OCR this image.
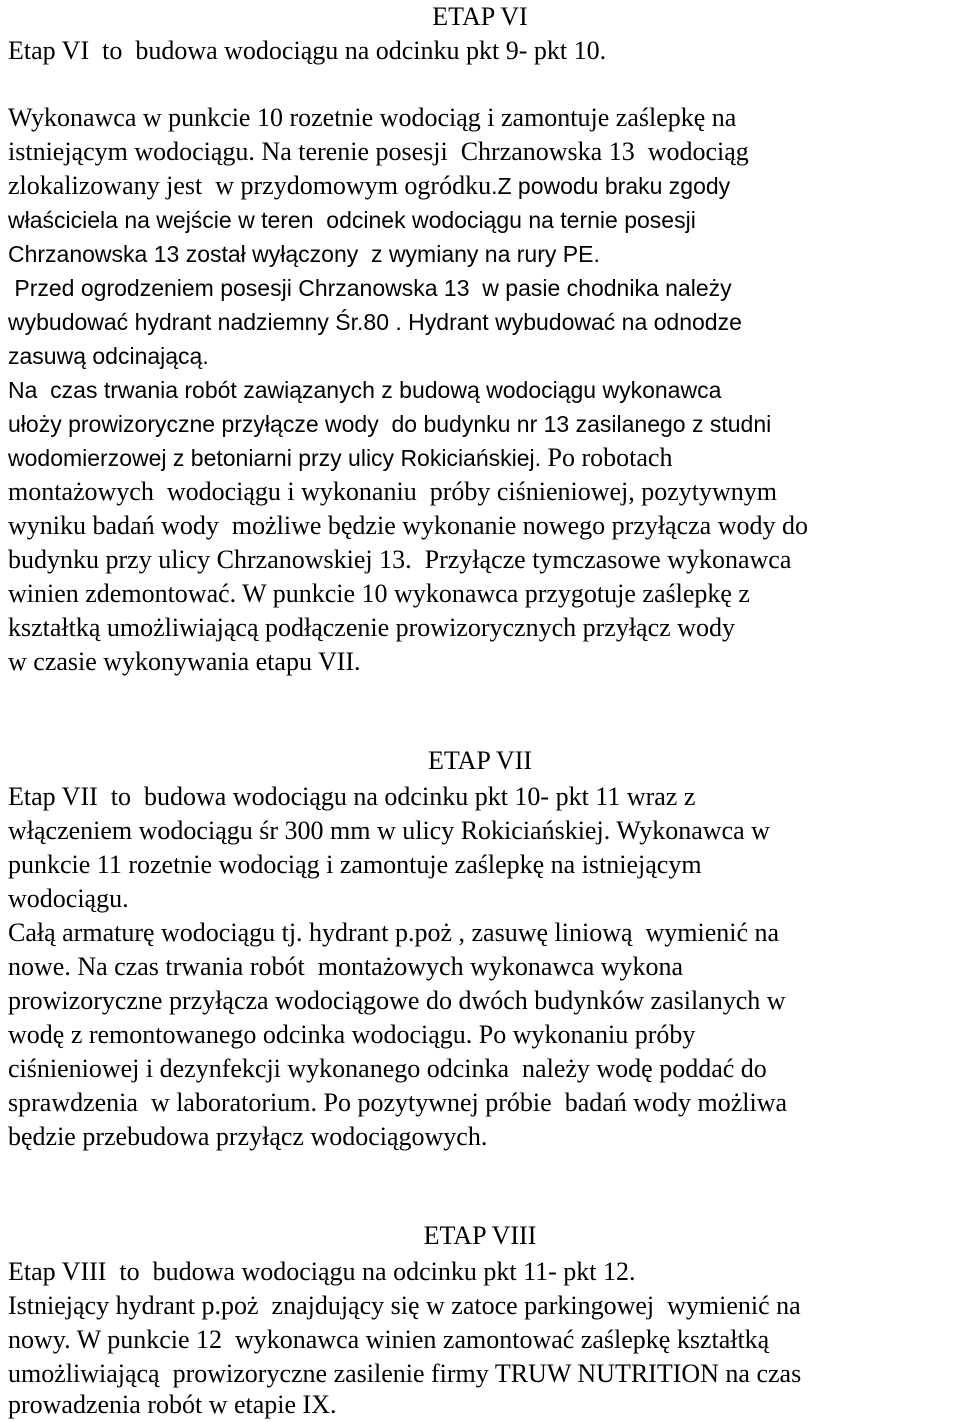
ETAP VI
Etap VI  to  budowa wodociągu na odcinku pkt 9- pkt 10.
Wykonawca w punkcie 10 rozetnie wodociąg i zamontuje zaślepkę na
istniejącym wodociągu. Na terenie posesji  Chrzanowska 13  wodociąg
zlokalizowany jest  w przydomowym ogródku.Z powodu braku zgody
właściciela na wejście w teren  odcinek wodociągu na ternie posesji
Chrzanowska 13 został wyłączony  z wymiany na rury PE.
Przed ogrodzeniem posesji Chrzanowska 13  w pasie chodnika należy
wybudować hydrant nadziemny Śr.80 . Hydrant wybudować na odnodze
zasuwą odcinającą.
Na  czas trwania robót zawiązanych z budową wodociągu wykonawca
ułoży prowizoryczne przyłącze wody  do budynku nr 13 zasilanego z studni
wodomierzowej z betoniarni przy ulicy Rokiciańskiej. Po robotach
montażowych  wodociągu i wykonaniu  próby ciśnieniowej, pozytywnym
wyniku badań wody  możliwe będzie wykonanie nowego przyłącza wody do
budynku przy ulicy Chrzanowskiej 13.  Przyłącze tymczasowe wykonawca
winien zdemontować. W punkcie 10 wykonawca przygotuje zaślepkę z
kształtką umożliwiającą podłączenie prowizorycznych przyłącz wody
w czasie wykonywania etapu VII.
ETAP VII
Etap VII  to  budowa wodociągu na odcinku pkt 10- pkt 11 wraz z
włączeniem wodociągu śr 300 mm w ulicy Rokiciańskiej. Wykonawca w
punkcie 11 rozetnie wodociąg i zamontuje zaślepkę na istniejącym
wodociągu.
Całą armaturę wodociągu tj. hydrant p.poż , zasuwę liniową  wymienić na
nowe. Na czas trwania robót  montażowych wykonawca wykona
prowizoryczne przyłącza wodociągowe do dwóch budynków zasilanych w
wodę z remontowanego odcinka wodociągu. Po wykonaniu próby
ciśnieniowej i dezynfekcji wykonanego odcinka  należy wodę poddać do
sprawdzenia  w laboratorium. Po pozytywnej próbie  badań wody możliwa
będzie przebudowa przyłącz wodociągowych.
ETAP VIII
Etap VIII  to  budowa wodociągu na odcinku pkt 11- pkt 12.
Istniejący hydrant p.poż  znajdujący się w zatoce parkingowej  wymienić na
nowy. W punkcie 12  wykonawca winien zamontować zaślepkę kształtką
umożliwiającą  prowizoryczne zasilenie firmy TRUW NUTRITION na czas
prowadzenia robót w etapie IX.
